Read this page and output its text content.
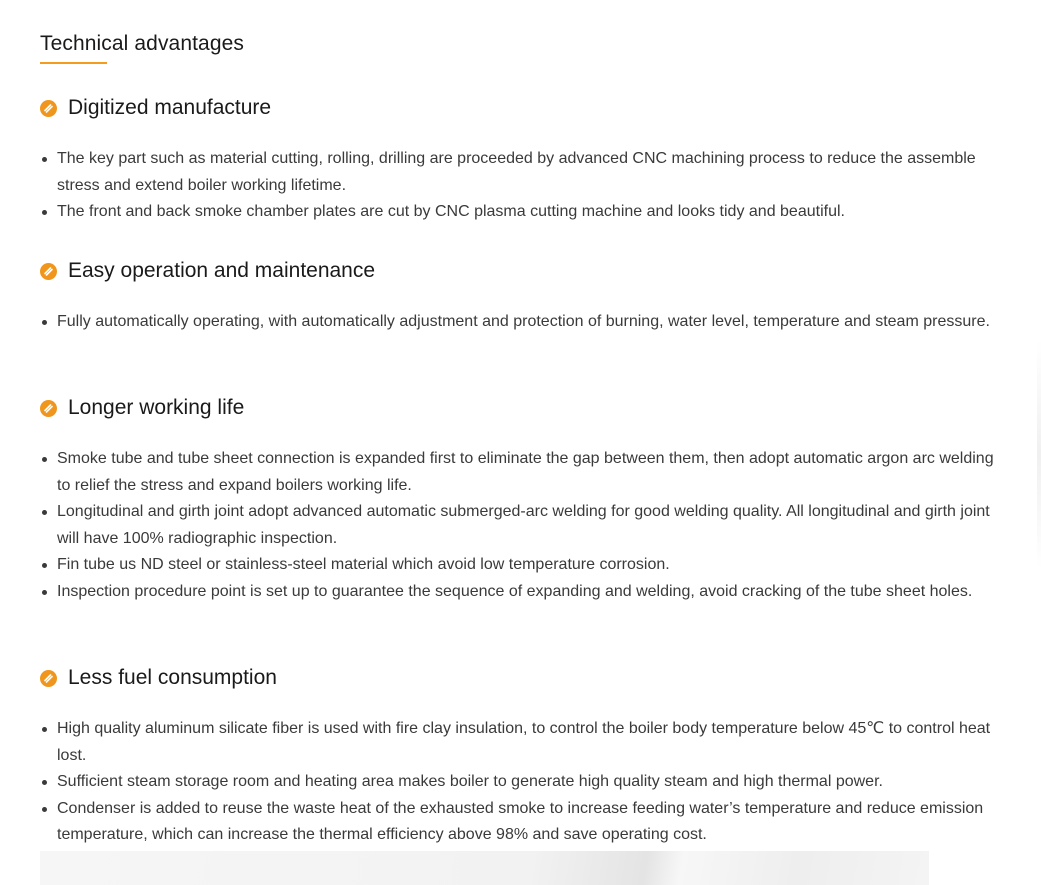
Technical advantages
Digitized manufacture
The key part such as material cutting, rolling, drilling are proceeded by advanced CNC machining process to reduce the assemble stress and extend boiler working lifetime.
The front and back smoke chamber plates are cut by CNC plasma cutting machine and looks tidy and beautiful.
Easy operation and maintenance
Fully automatically operating, with automatically adjustment and protection of burning, water level, temperature and steam pressure.
Longer working life
Smoke tube and tube sheet connection is expanded first to eliminate the gap between them, then adopt automatic argon arc welding to relief the stress and expand boilers working life.
Longitudinal and girth joint adopt advanced automatic submerged-arc welding for good welding quality. All longitudinal and girth joint will have 100% radiographic inspection.
Fin tube us ND steel or stainless-steel material which avoid low temperature corrosion.
Inspection procedure point is set up to guarantee the sequence of expanding and welding, avoid cracking of the tube sheet holes.
Less fuel consumption
High quality aluminum silicate fiber is used with fire clay insulation, to control the boiler body temperature below 45℃ to control heat lost.
Sufficient steam storage room and heating area makes boiler to generate high quality steam and high thermal power.
Condenser is added to reuse the waste heat of the exhausted smoke to increase feeding water’s temperature and reduce emission temperature, which can increase the thermal efficiency above 98% and save operating cost.
